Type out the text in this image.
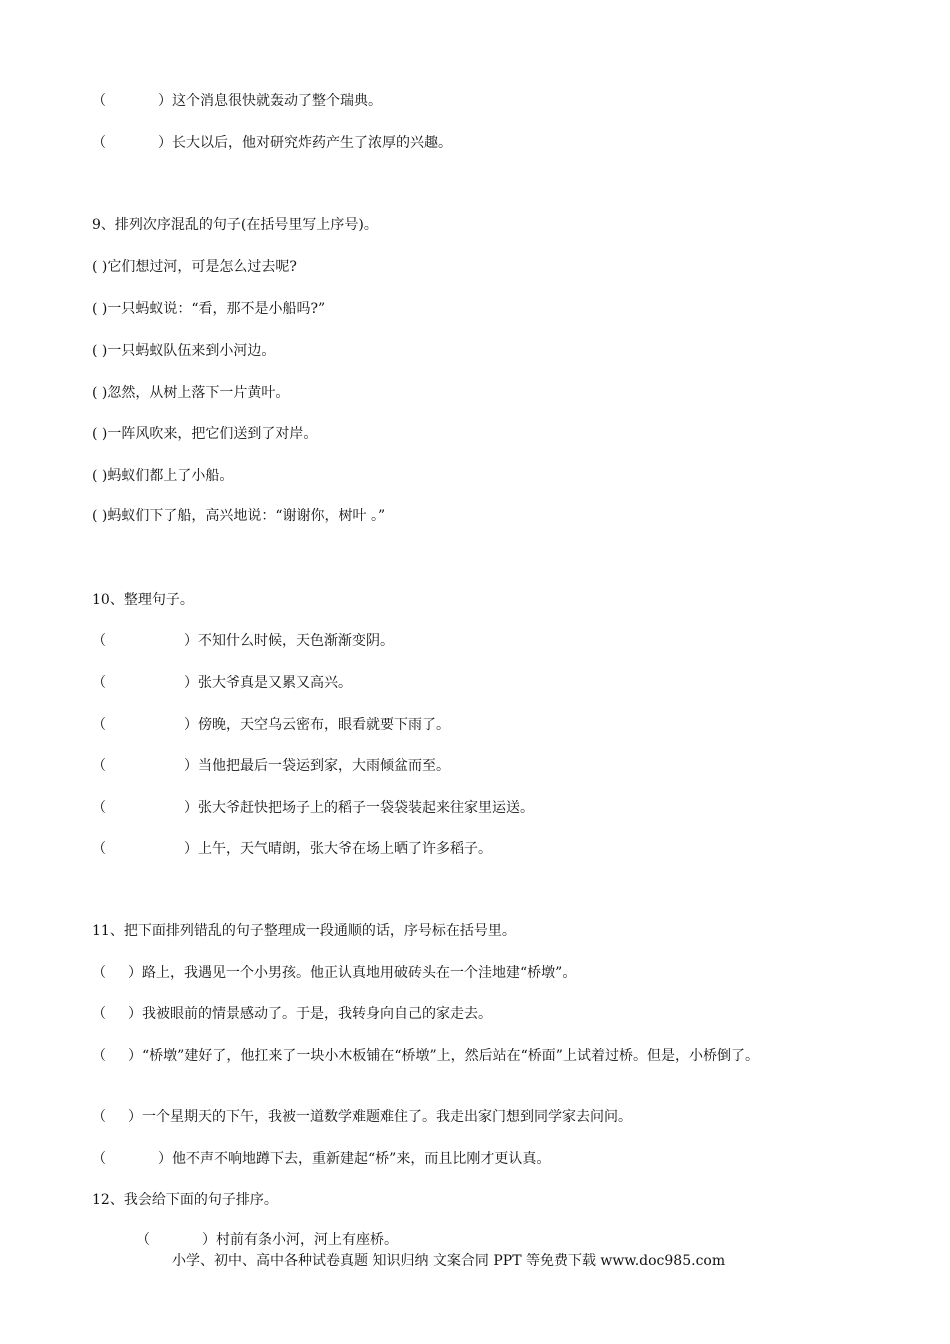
（	）这个消息很快就轰动了整个瑞典。
（	）长大以后，他对研究炸药产生了浓厚的兴趣。
9、排列次序混乱的句子(在括号里写上序号)。
( )它们想过河，可是怎么过去呢?
( )一只蚂蚁说：“看，那不是小船吗?”
( )一只蚂蚁队伍来到小河边。
( )忽然，从树上落下一片黄叶。
( )一阵风吹来，把它们送到了对岸。
( )蚂蚁们都上了小船。
( )蚂蚁们下了船，高兴地说：“谢谢你，树叶 。”
10、整理句子。
（	）不知什么时候，天色渐渐变阴。
（	）张大爷真是又累又高兴。
（	）傍晚，天空乌云密布，眼看就要下雨了。
（	）当他把最后一袋运到家，大雨倾盆而至。
（	）张大爷赶快把场子上的稻子一袋袋装起来往家里运送。
（	）上午，天气晴朗，张大爷在场上晒了许多稻子。
11、把下面排列错乱的句子整理成一段通顺的话，序号标在括号里。
（ ）路上，我遇见一个小男孩。他正认真地用破砖头在一个洼地建“桥墩”。
（ ）我被眼前的情景感动了。于是，我转身向自己的家走去。
（ ）“桥墩”建好了，他扛来了一块小木板铺在“桥墩”上，然后站在“桥面”上试着过桥。但是，小桥倒了。
（ ）一个星期天的下午，我被一道数学难题难住了。我走出家门想到同学家去问问。
（	）他不声不响地蹲下去，重新建起“桥”来，而且比刚才更认真。
12、我会给下面的句子排序。
（	）村前有条小河，河上有座桥。
小学、初中、高中各种试卷真题 知识归纳 文案合同 PPT 等免费下载 www.doc985.com
